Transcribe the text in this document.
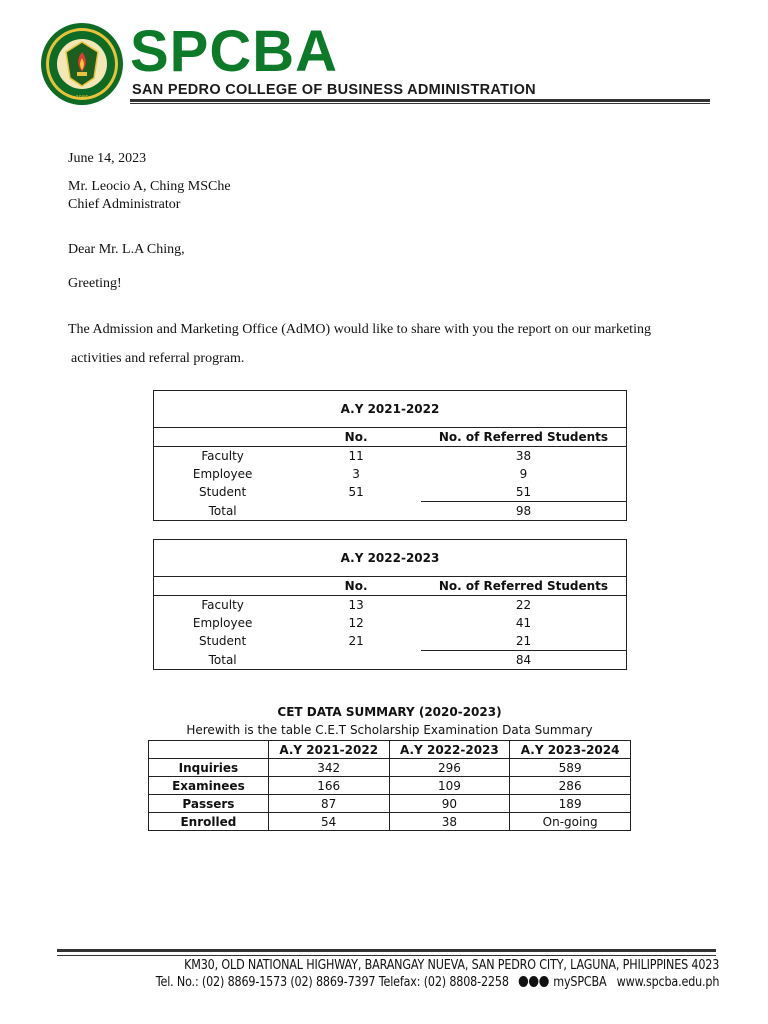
1986
SPCBA
SAN PEDRO COLLEGE OF BUSINESS ADMINISTRATION
June 14, 2023
Mr. Leocio A, Ching MSChe
Chief Administrator
Dear Mr. L.A Ching,
Greeting!
The Admission and Marketing Office (AdMO) would like to share with you the report on our marketing
activities and referral program.
A.Y 2021-2022		
	No.	No. of Referred Students
Faculty	11	38
Employee	3	9
Student	51	51
Total		98
A.Y 2022-2023		
	No.	No. of Referred Students
Faculty	13	22
Employee	12	41
Student	21	21
Total		84
CET DATA SUMMARY (2020-2023)
Herewith is the table C.E.T Scholarship Examination Data Summary
	A.Y 2021-2022	A.Y 2022-2023	A.Y 2023-2024
Inquiries	342	296	589
Examinees	166	109	286
Passers	87	90	189
Enrolled	54	38	On-going
KM30, OLD NATIONAL HIGHWAY, BARANGAY NUEVA, SAN PEDRO CITY, LAGUNA, PHILIPPINES 4023
Tel. No.: (02) 8869-1573 (02) 8869-7397 Telefax: (02) 8808-2258	mySPCBA www.spcba.edu.ph
